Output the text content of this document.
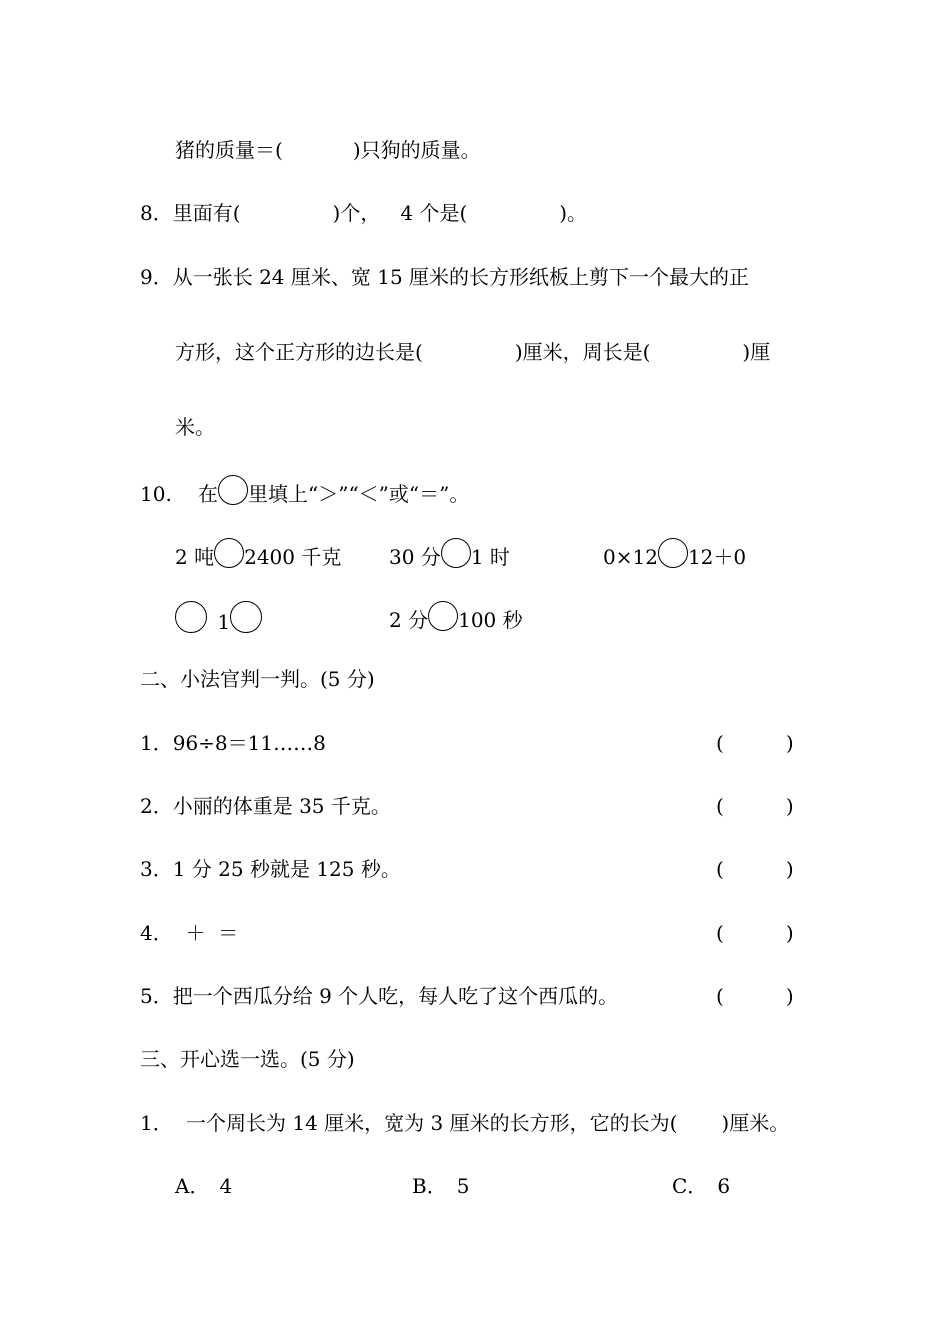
猪的质量＝(	)只狗的质量。
8．里面有(	)个， 4 个是(	)。
9．从一张长 24 厘米、宽 15 厘米的长方形纸板上剪下一个最大的正
方形，这个正方形的边长是(	)厘米，周长是(	)厘
米。
10. 在 里填上“＞”“＜”或“＝”。
2 吨 2400 千克 30 分 1 时	0×12 12＋0
1	2 分 100 秒
二、小法官判一判。(5 分)
1．96÷8＝11……8	(	)
2．小丽的体重是 35 千克。	(	)
3．1 分 25 秒就是 125 秒。	(	)
4．  ＋  ＝	(	)
5．把一个西瓜分给 9 个人吃，每人吃了这个西瓜的。	(	)
三、开心选一选。(5 分)
1． 一个周长为 14 厘米，宽为 3 厘米的长方形，它的长为( )厘米。
A． 4	B． 5	C． 6
